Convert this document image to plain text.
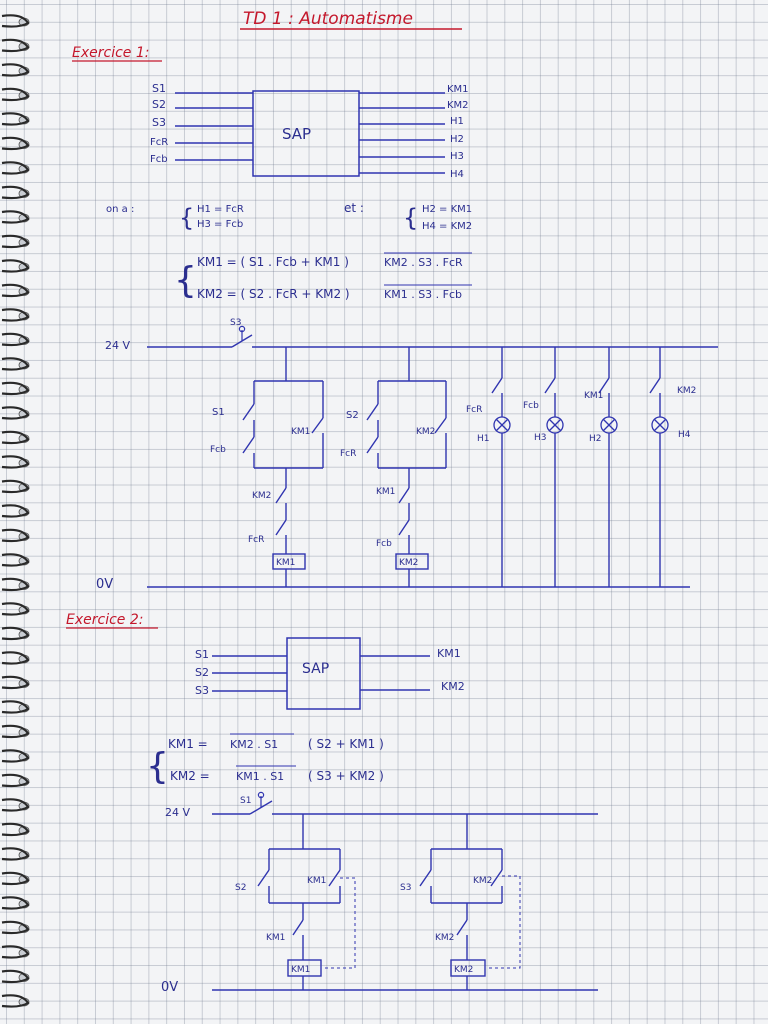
TD 1 : Automatisme
Exercice 1:
SAP
S1
S2
S3
FcR
Fcb
KM1
KM2
H1
H2
H3
H4
on a : { H1 = FcR
H3 = Fcb
et : { H2 = KM1
H4 = KM2
{ KM1 = ( S1 . Fcb + KM1 )	KM2 . S3 . FcR
KM2 = ( S2 . FcR + KM2 )	KM1 . S3 . Fcb
24 V
S3
0V
KM1
S1
Fcb
KM1
KM2
FcR
KM2
S2
FcR
KM2
KM1
Fcb
FcR	Fcb
KM1	KM2
H1	H3	H2	H4
Exercice 2:
SAP
S1
S2
S3
KM1
KM2
{
KM1 = KM2 . S1 ( S2 + KM1 )
KM2 = KM1 . S1 ( S3 + KM2 )
24 V
S1
0V
KM1
S2
KM1
KM1
KM2
S3
KM2
KM2
